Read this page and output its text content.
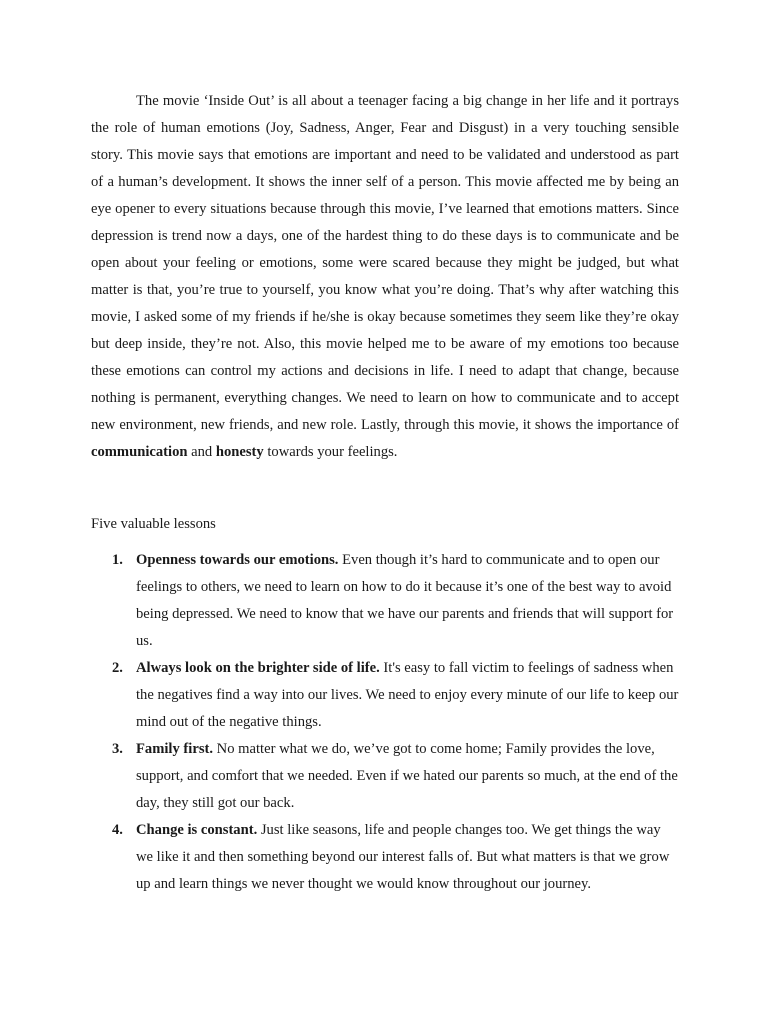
The movie ‘Inside Out’ is all about a teenager facing a big change in her life and it portrays the role of human emotions (Joy, Sadness, Anger, Fear and Disgust) in a very touching sensible story. This movie says that emotions are important and need to be validated and understood as part of a human’s development. It shows the inner self of a person. This movie affected me by being an eye opener to every situations because through this movie, I’ve learned that emotions matters. Since depression is trend now a days, one of the hardest thing to do these days is to communicate and be open about your feeling or emotions, some were scared because they might be judged, but what matter is that, you’re true to yourself, you know what you’re doing. That’s why after watching this movie, I asked some of my friends if he/she is okay because sometimes they seem like they’re okay but deep inside, they’re not. Also, this movie helped me to be aware of my emotions too because these emotions can control my actions and decisions in life. I need to adapt that change, because nothing is permanent, everything changes. We need to learn on how to communicate and to accept new environment, new friends, and new role. Lastly, through this movie, it shows the importance of communication and honesty towards your feelings.

Five valuable lessons

1. Openness towards our emotions. Even though it’s hard to communicate and to open our feelings to others, we need to learn on how to do it because it’s one of the best way to avoid being depressed. We need to know that we have our parents and friends that will support for us.
2. Always look on the brighter side of life. It's easy to fall victim to feelings of sadness when the negatives find a way into our lives. We need to enjoy every minute of our life to keep our mind out of the negative things.
3. Family first. No matter what we do, we’ve got to come home; Family provides the love, support, and comfort that we needed. Even if we hated our parents so much, at the end of the day, they still got our back.
4. Change is constant. Just like seasons, life and people changes too. We get things the way we like it and then something beyond our interest falls of. But what matters is that we grow up and learn things we never thought we would know throughout our journey.
